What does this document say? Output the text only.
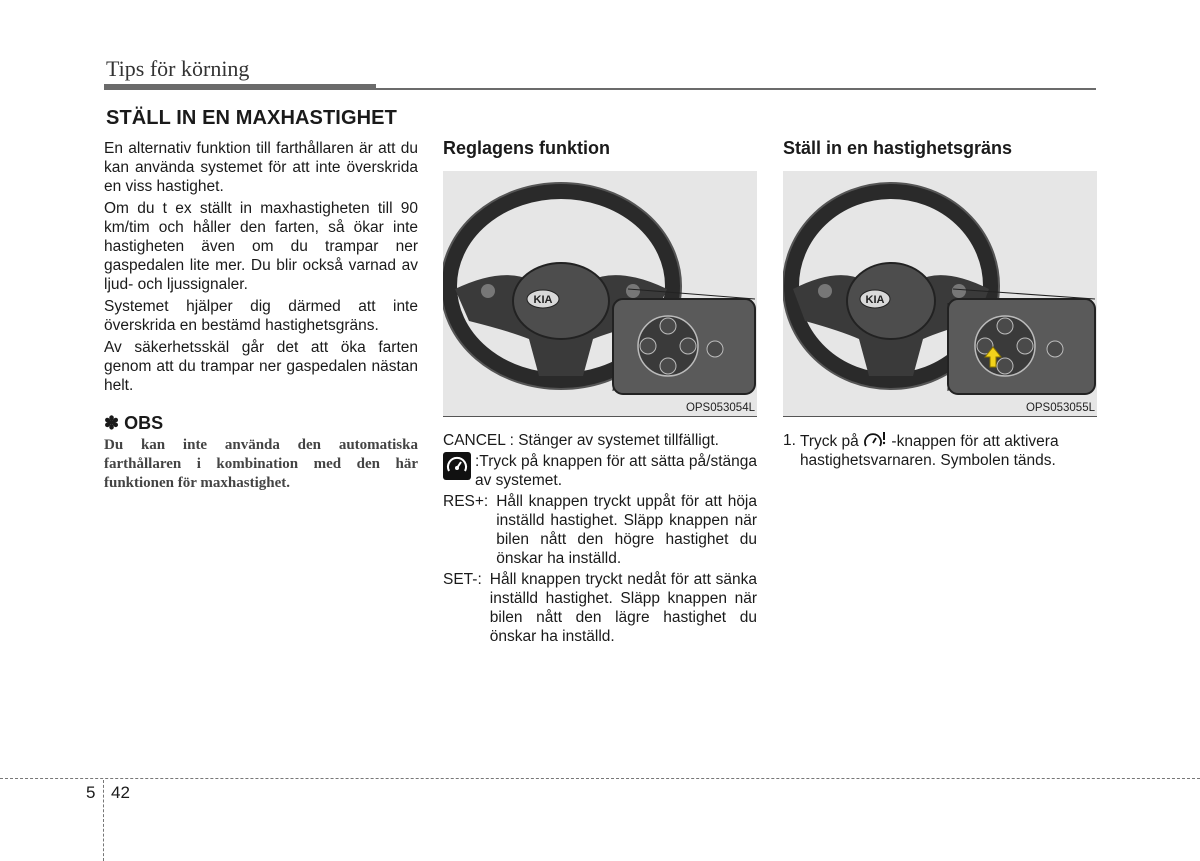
Tips för körning
STÄLL IN EN MAXHASTIGHET

En alternativ funktion till farthållaren är att du kan använda systemet för att inte överskrida en viss hastighet.

Om du t ex ställt in maxhastigheten till 90 km/tim och håller den farten, så ökar inte hastigheten även om du trampar ner gaspedalen lite mer. Du blir också varnad av ljud- och ljussignaler.

Systemet hjälper dig därmed att inte överskrida en bestämd hastighetsgräns.

Av säkerhetsskäl går det att öka farten genom att du trampar ner gaspedalen nästan helt.

✽ OBS

Du kan inte använda den automatiska farthållaren i kombination med den här funktionen för maxhastighet.

Reglagens funktion
KIA
OPS053054L
CANCEL : Stänger av systemet tillfälligt.
:Tryck på knappen för att sätta på/stänga av systemet.
RES+: Håll knappen tryckt uppåt för att höja inställd hastighet. Släpp knappen när bilen nått den högre hastighet du önskar ha inställd.
SET-: Håll knappen tryckt nedåt för att sänka inställd hastighet. Släpp knappen när bilen nått den lägre hastighet du önskar ha inställd.
Ställ in en hastighetsgräns
KIA
OPS053055L
1. Tryck på -knappen för att aktivera hastighetsvarnaren. Symbolen tänds.
5 42
